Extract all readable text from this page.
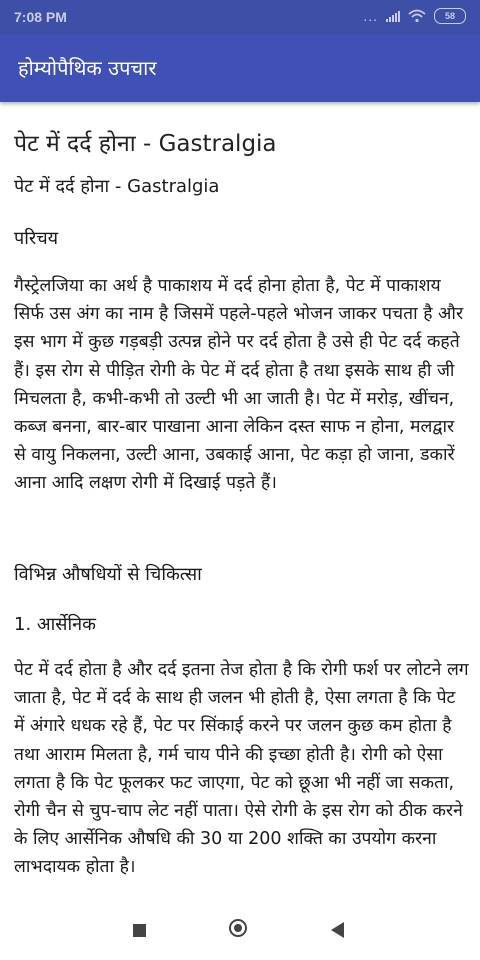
7:08 PM	...	58
होम्योपैथिक उपचार
पेट में दर्द होना - Gastralgia
पेट में दर्द होना - Gastralgia
परिचय

गैस्ट्रेलजिया का अर्थ है पाकाशय में दर्द होना होता है, पेट में पाकाशय सिर्फ उस अंग का नाम है जिसमें पहले-पहले भोजन जाकर पचता है और इस भाग में कुछ गड़बड़ी उत्पन्न होने पर दर्द होता है उसे ही पेट दर्द कहते हैं। इस रोग से पीड़ित रोगी के पेट में दर्द होता है तथा इसके साथ ही जी मिचलता है, कभी-कभी तो उल्टी भी आ जाती है। पेट में मरोड़, खींचन, कब्ज बनना, बार-बार पाखाना आना लेकिन दस्त साफ न होना, मलद्वार से वायु निकलना, उल्टी आना, उबकाई आना, पेट कड़ा हो जाना, डकारें आना आदि लक्षण रोगी में दिखाई पड़ते हैं।

विभिन्न औषधियों से चिकित्सा
1. आर्सेनिक

पेट में दर्द होता है और दर्द इतना तेज होता है कि रोगी फर्श पर लोटने लग जाता है, पेट में दर्द के साथ ही जलन भी होती है, ऐसा लगता है कि पेट में अंगारे धधक रहे हैं, पेट पर सिंकाई करने पर जलन कुछ कम होता है तथा आराम मिलता है, गर्म चाय पीने की इच्छा होती है। रोगी को ऐसा लगता है कि पेट फूलकर फट जाएगा, पेट को छूआ भी नहीं जा सकता, रोगी चैन से चुप-चाप लेट नहीं पाता। ऐसे रोगी के इस रोग को ठीक करने के लिए आर्सेनिक औषधि की 30 या 200 शक्ति का उपयोग करना लाभदायक होता है।
